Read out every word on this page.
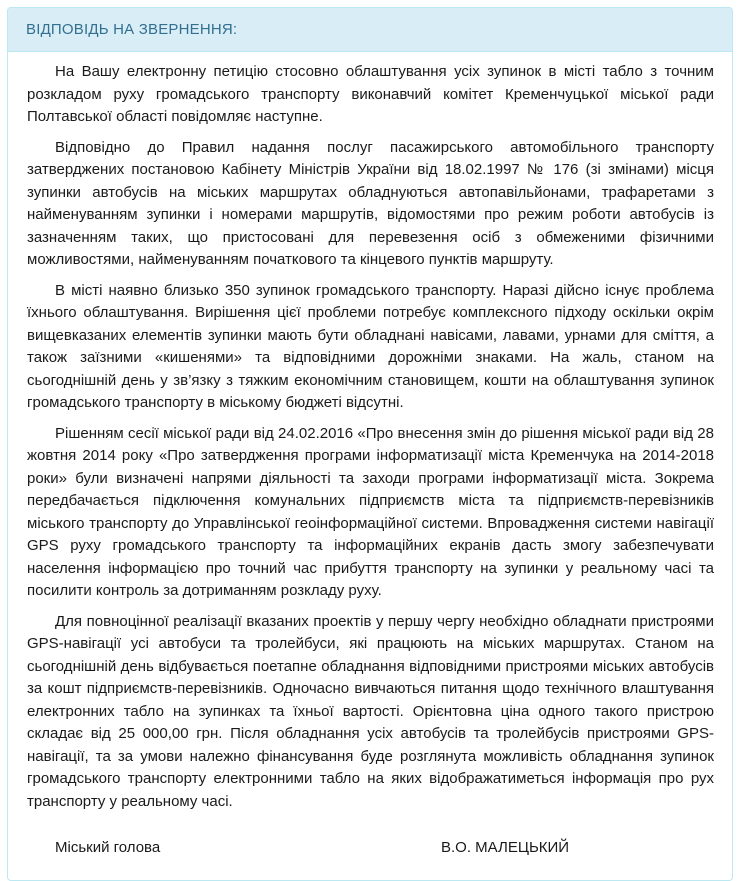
ВІДПОВІДЬ НА ЗВЕРНЕННЯ:

На Вашу електронну петицію стосовно облаштування усіх зупинок в місті табло з точним розкладом руху громадського транспорту виконавчий комітет Кременчуцької міської ради Полтавської області повідомляє наступне.

Відповідно до Правил надання послуг пасажирського автомобільного транспорту затверджених постановою Кабінету Міністрів України від 18.02.1997 № 176 (зі змінами) місця зупинки автобусів на міських маршрутах обладнуються автопавільйонами, трафаретами з найменуванням зупинки і номерами маршрутів, відомостями про режим роботи автобусів із зазначенням таких, що пристосовані для перевезення осіб з обмеженими фізичними можливостями, найменуванням початкового та кінцевого пунктів маршруту.

В місті наявно близько 350 зупинок громадського транспорту. Наразі дійсно існує проблема їхнього облаштування. Вирішення цієї проблеми потребує комплексного підходу оскільки окрім вищевказаних елементів зупинки мають бути обладнані навісами, лавами, урнами для сміття, а також заїзними «кишенями» та відповідними дорожніми знаками. На жаль, станом на сьогоднішній день у зв’язку з тяжким економічним становищем, кошти на облаштування зупинок громадського транспорту в міському бюджеті відсутні.

Рішенням сесії міської ради від 24.02.2016 «Про внесення змін до рішення міської ради від 28 жовтня 2014 року «Про затвердження програми інформатизації міста Кременчука на 2014-2018 роки» були визначені напрями діяльності та заходи програми інформатизації міста. Зокрема передбачається підключення комунальних підприємств міста та підприємств-перевізників міського транспорту до Управлінської геоінформаційної системи. Впровадження системи навігації GPS руху громадського транспорту та інформаційних екранів дасть змогу забезпечувати населення інформацією про точний час прибуття транспорту на зупинки у реальному часі та посилити контроль за дотриманням розкладу руху.

Для повноцінної реалізації вказаних проектів у першу чергу необхідно обладнати пристроями GPS-навігації усі автобуси та тролейбуси, які працюють на міських маршрутах. Станом на сьогоднішній день відбувається поетапне обладнання відповідними пристроями міських автобусів за кошт підприємств-перевізників. Одночасно вивчаються питання щодо технічного влаштування електронних табло на зупинках та їхньої вартості. Орієнтовна ціна одного такого пристрою складає від 25 000,00 грн. Після обладнання усіх автобусів та тролейбусів пристроями GPS-навігації, та за умови належно фінансування буде розглянута можливість обладнання зупинок громадського транспорту електронними табло на яких відображатиметься інформація про рух транспорту у реальному часі.

Міський голова	В.О. МАЛЕЦЬКИЙ
